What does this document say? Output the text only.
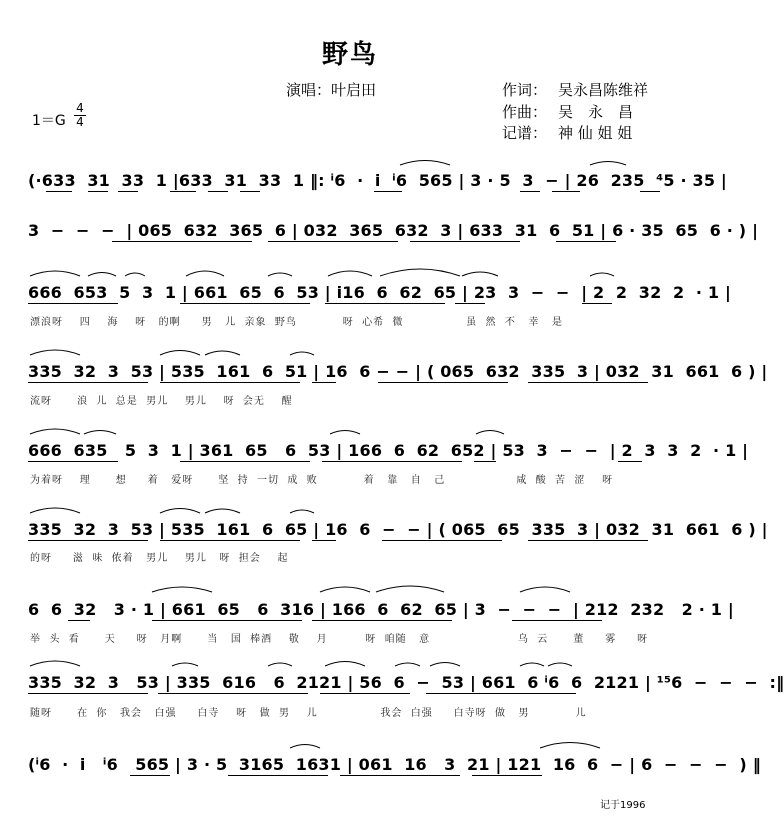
野鸟
演唱：叶启田	作词： 吴永昌陈维祥
作曲： 吴　永　昌
记谱： 神 仙 姐 姐
1＝G
4
4
(·633  31  33  1 |633  31  33  1 ‖: ⁱ6  ·  i  ⁱ6  565 | 3 · 5  3  − | 26  235  ⁴5 · 35 |
3  −  −  −  | 065  632  365  6 | 032  365  632  3 | 633  31  6  51 | 6 · 35  65  6 · ) |
666  653  5  3  1 | 661  65  6  53 | i16  6  62  65 | 23  3  −  −  | 2  2  32  2  · 1 |
漂浪呀    四    海    呀   的啊     男   儿  亲象  野鸟           呀  心希  微               虽  然  不   幸   是
335  32  3  53 | 535  161  6  51 | 16  6 − − | ( 065  632  335  3 | 032  31  661  6 ) |
流呀      浪  儿  总是  男儿    男儿    呀  会无    醒
666  635   5  3  1 | 361  65   6  53 | 166  6  62  652 | 53  3  −  −  | 2  3  3  2  · 1 |
为着呀    理      想     着   爱呀      坚  持  一切  成  败           着   靠   自   己                 咸  酸  苦  涩    呀
335  32  3  53 | 535  161  6  65 | 16  6  −  − | ( 065  65  335  3 | 032  31  661  6 ) |
的呀     滋  味  侬着   男儿    男儿   呀  担会    起
6  6  32   3 · 1 | 661  65   6  316 | 166  6  62  65 | 3  −  −  −  | 212  232   2 · 1 |
举  头  看      天     呀   月啊      当   国  棒酒    敬    月         呀  咱随   意                     乌  云      董     雾     呀
335  32  3   53 | 335  616   6  2121 | 56  6  −  53 | 661  6 ⁱ6  6  2121 | ¹⁵6  −  −  −  :‖
随呀      在  你   我会   白强     白寺    呀   做  男    儿               我会  白强     白寺呀  做   男           儿
(ⁱ6  ·  i   ⁱ6   565 | 3 · 5  3165  1631 | 061  16   3  21 | 121  16  6  − | 6  −  −  −  ) ‖
记于1996
